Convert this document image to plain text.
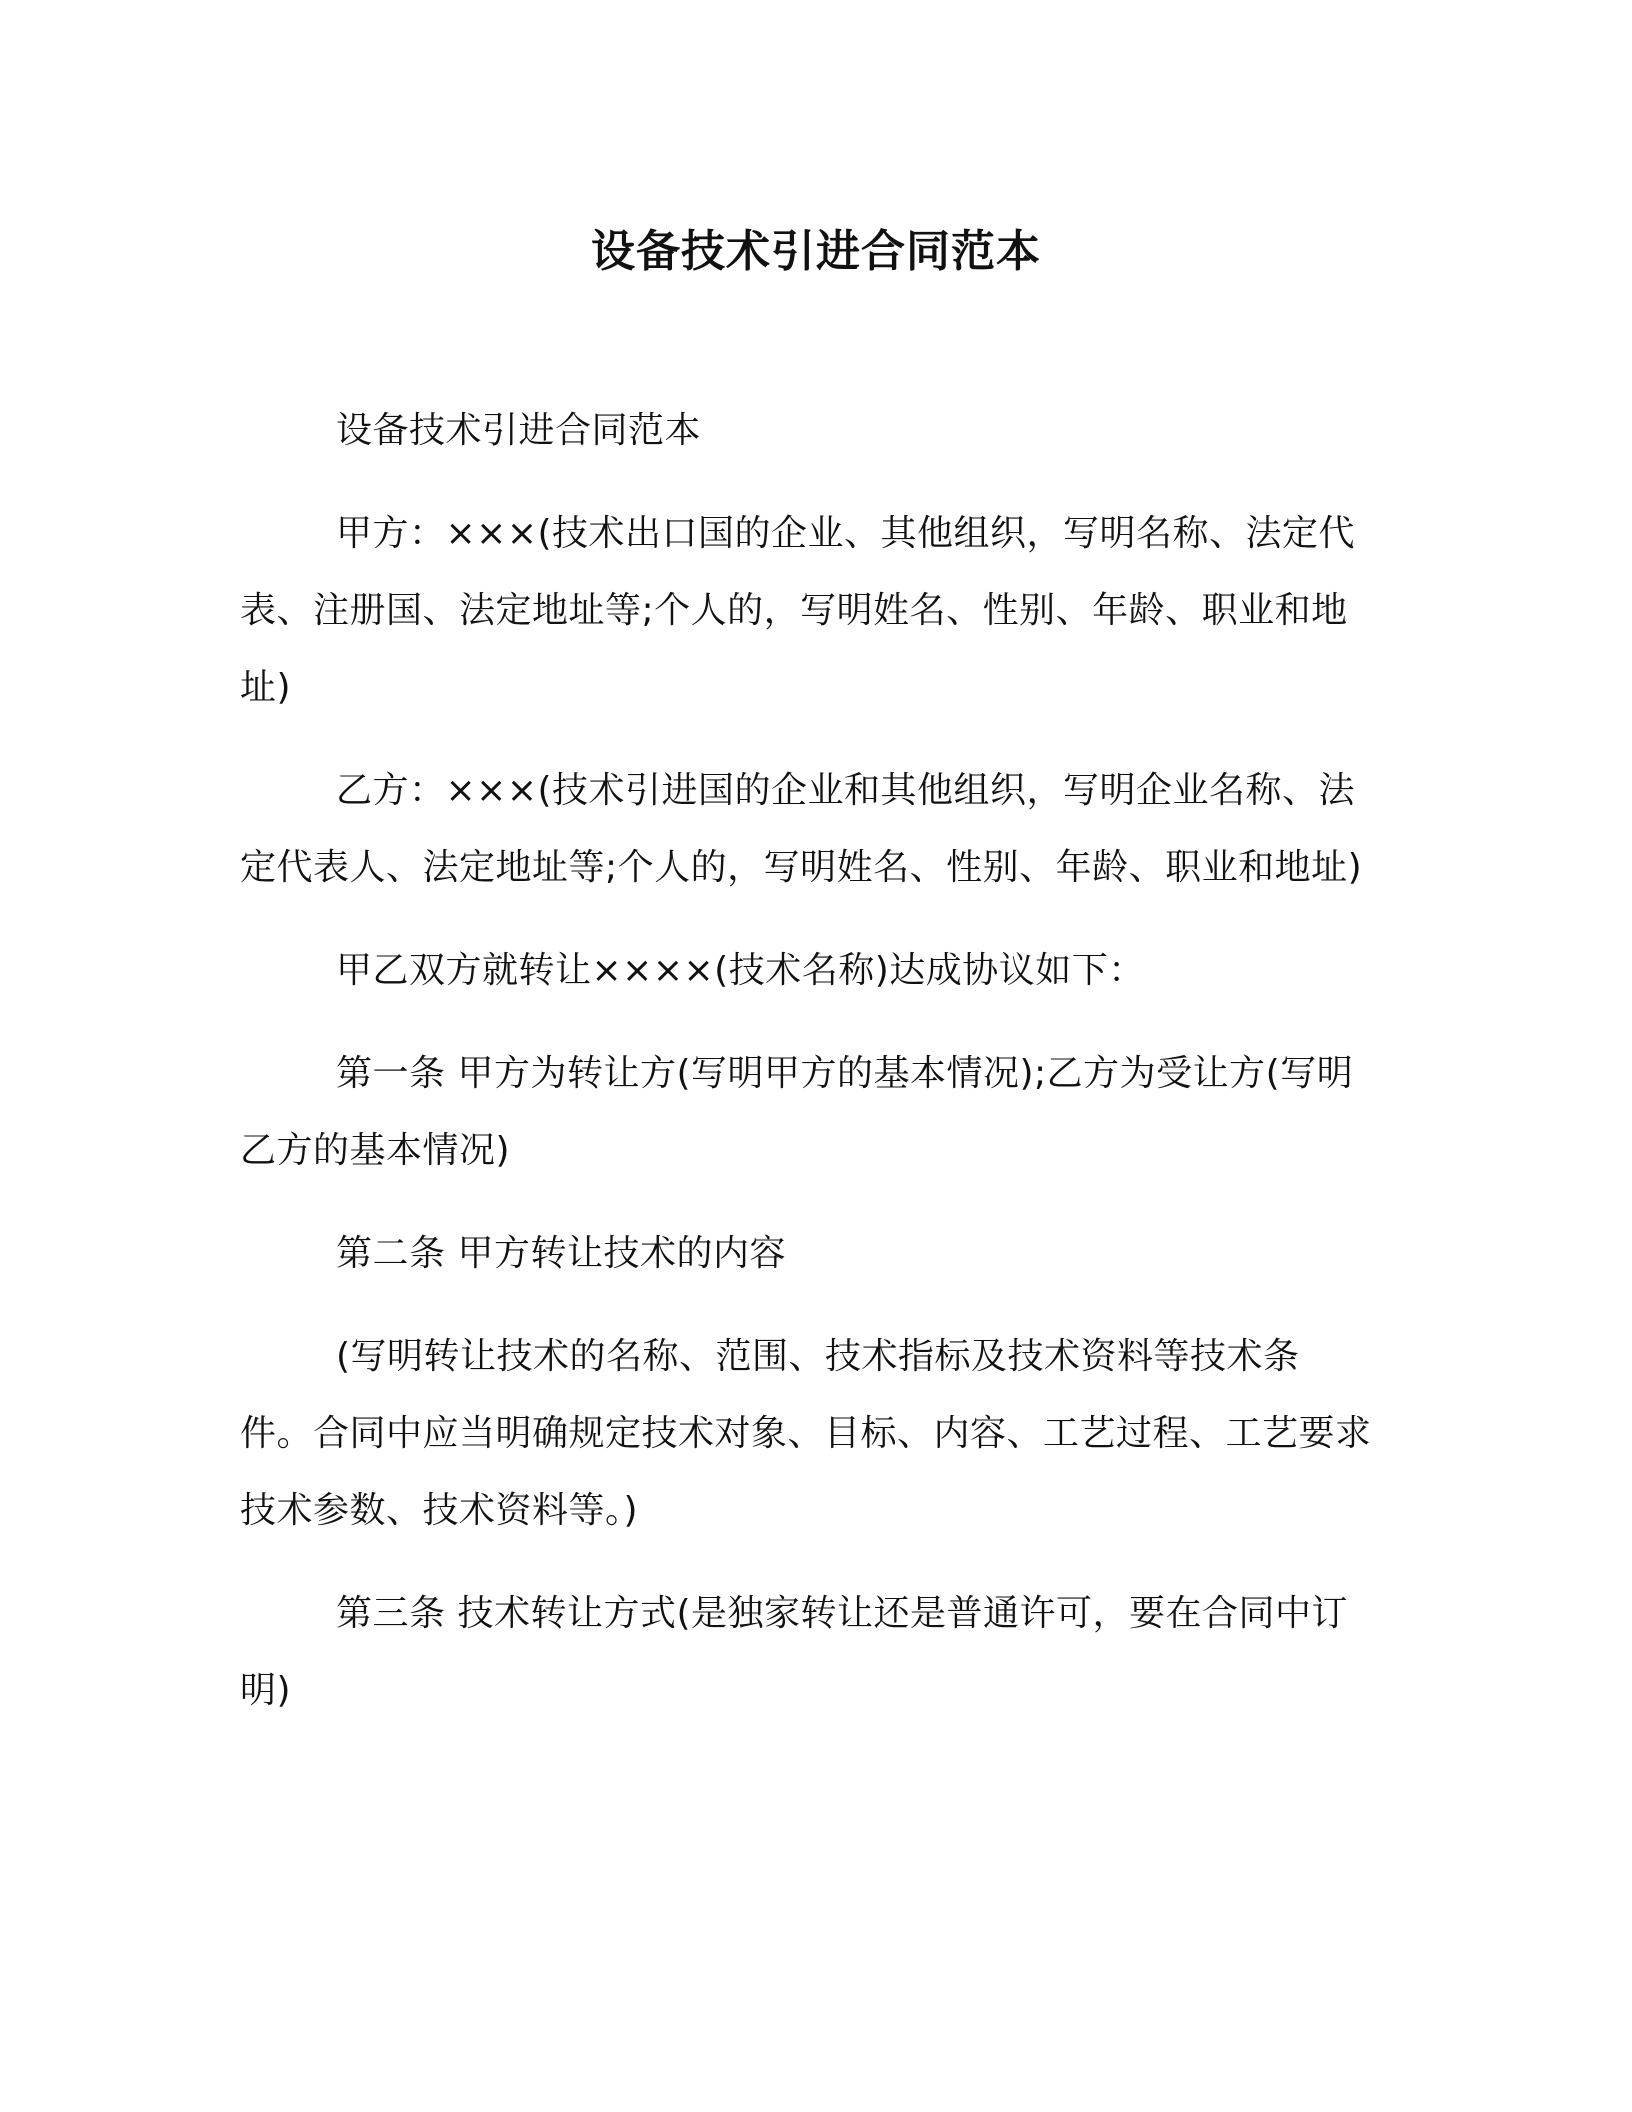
设备技术引进合同范本

设备技术引进合同范本

甲方：×××(技术出口国的企业、其他组织，写明名称、法定代表、注册国、法定地址等;个人的，写明姓名、性别、年龄、职业和地址)

乙方：×××(技术引进国的企业和其他组织，写明企业名称、法定代表人、法定地址等;个人的，写明姓名、性别、年龄、职业和地址)

甲乙双方就转让××××(技术名称)达成协议如下：

第一条 甲方为转让方(写明甲方的基本情况);乙方为受让方(写明乙方的基本情况)

第二条 甲方转让技术的内容

(写明转让技术的名称、范围、技术指标及技术资料等技术条件。合同中应当明确规定技术对象、目标、内容、工艺过程、工艺要求技术参数、技术资料等。)

第三条 技术转让方式(是独家转让还是普通许可，要在合同中订明)
